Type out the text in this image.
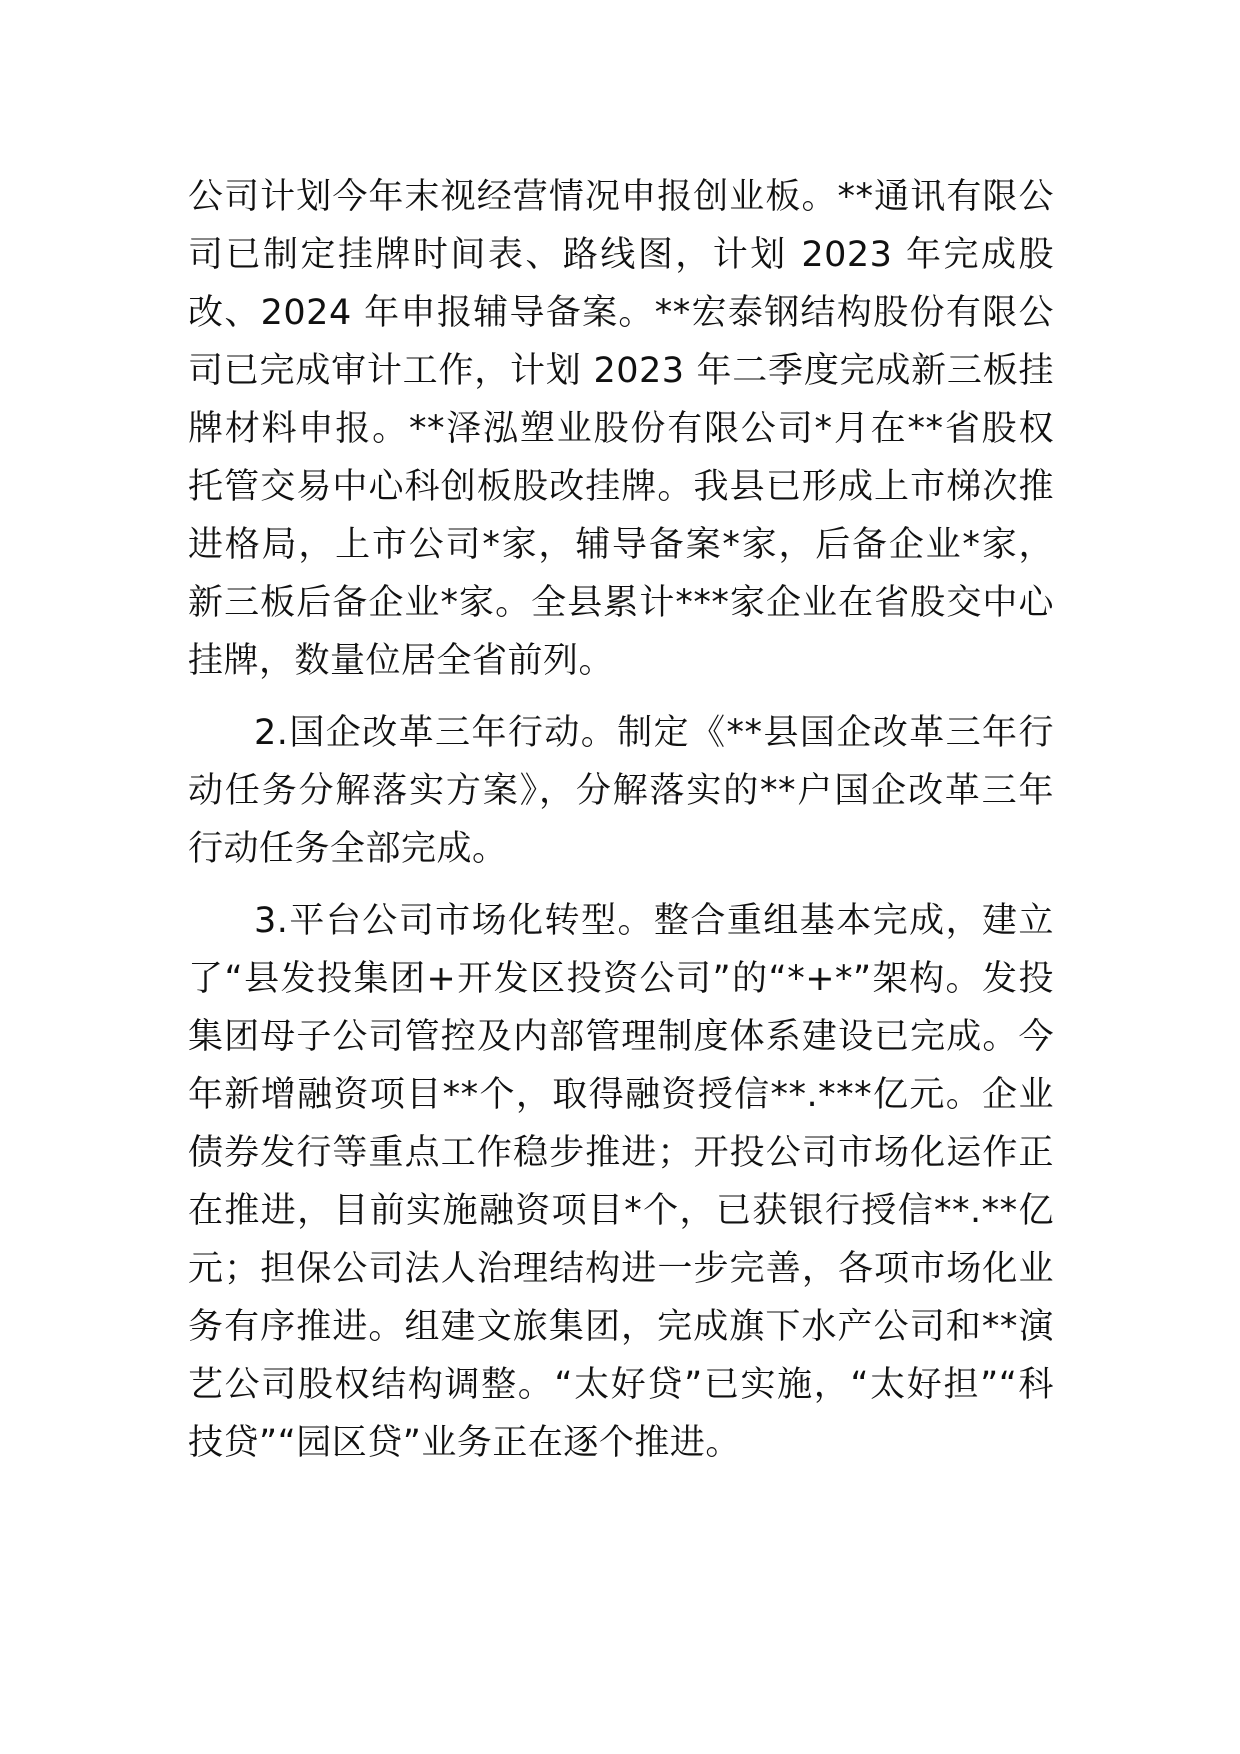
公司计划今年末视经营情况申报创业板。**通讯有限公司已制定挂牌时间表、路线图，计划 2023 年完成股改、2024 年申报辅导备案。**宏泰钢结构股份有限公司已完成审计工作，计划 2023 年二季度完成新三板挂牌材料申报。**泽泓塑业股份有限公司*月在**省股权托管交易中心科创板股改挂牌。我县已形成上市梯次推进格局，上市公司*家，辅导备案*家，后备企业*家，新三板后备企业*家。全县累计***家企业在省股交中心挂牌，数量位居全省前列。

2.国企改革三年行动。制定《**县国企改革三年行动任务分解落实方案》，分解落实的**户国企改革三年行动任务全部完成。

3.平台公司市场化转型。整合重组基本完成，建立了“县发投集团+开发区投资公司”的“*+*”架构。发投集团母子公司管控及内部管理制度体系建设已完成。今年新增融资项目**个，取得融资授信**.***亿元。企业债券发行等重点工作稳步推进；开投公司市场化运作正在推进，目前实施融资项目*个，已获银行授信**.**亿元；担保公司法人治理结构进一步完善，各项市场化业务有序推进。组建文旅集团，完成旗下水产公司和**演艺公司股权结构调整。“太好贷”已实施，“太好担”“科技贷”“园区贷”业务正在逐个推进。
